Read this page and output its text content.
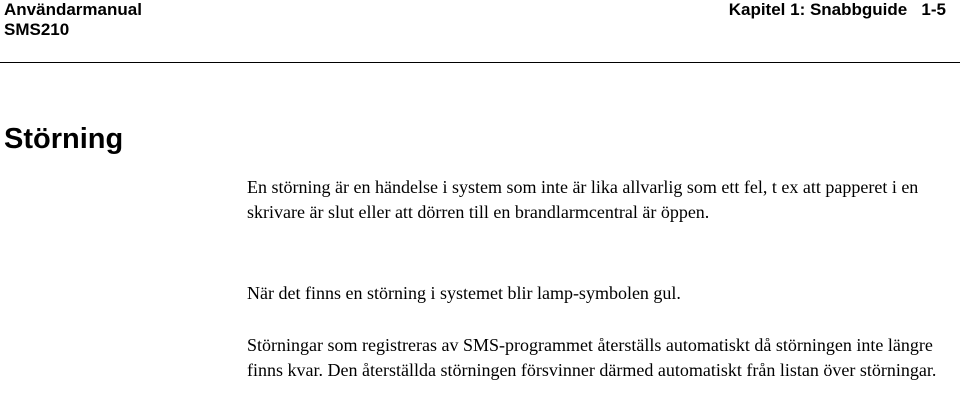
Användarmanual
SMS210
Kapitel 1: Snabbguide 1-5
Störning

En störning är en händelse i system som inte är lika allvarlig som ett fel, t ex att papperet i en skrivare är slut eller att dörren till en brandlarmcentral är öppen.

När det finns en störning i systemet blir lamp-symbolen gul.

Störningar som registreras av SMS-programmet återställs automatiskt då störningen inte längre finns kvar. Den återställda störningen försvinner därmed automatiskt från listan över störningar.
